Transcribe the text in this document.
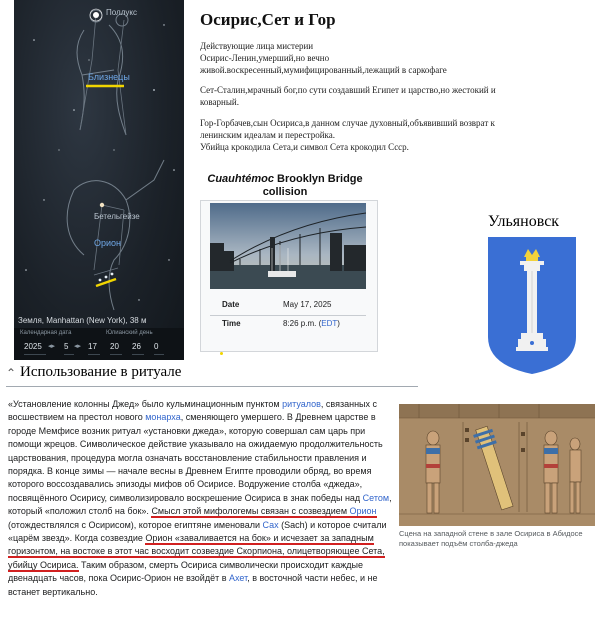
Поллукс
Близнецы
Бетельгейзе
Орион
Земля, Manhattan (New York), 38 м
Календарная дата	Юлианский день
2025 ◂▸ 5 ◂▸ 17	20	26	0
Осирис,Сет и Гор
Действующие лица мистерии
Осирис-Ленин,умерший,но вечно
живой.воскресенный,мумифицированный,лежащий в саркофаге
Сет-Сталин,мрачный бог,по сути создавший Египет и царство,но жестокий и
коварный.
Гор-Горбачев,сын Осириса,в данном случае духовный,объявивший возврат к
ленинским идеалам и перестройка.
Убийца крокодила Сета,и символ Сета крокодил Ссср.
Cuauhtémoc Brooklyn Bridge collision
Date	May 17, 2025
Time	8:26 p.m. (EDT)
Ульяновск
⌃ Использование в ритуале
«Установление колонны Джед» было кульминационным пунктом ритуалов, связанных с восшествием на престол нового монарха, сменяющего умершего. В Древнем царстве в городе Мемфисе возник ритуал «установки джеда», которую совершал сам царь при помощи жрецов. Символическое действие указывало на ожидаемую продолжительность царствования, процедура могла означать восстановление стабильности правления и порядка. В конце зимы — начале весны в Древнем Египте проводили обряд, во время которого воссоздавались эпизоды мифов об Осирисе. Водружение столба «джеда», посвящённого Осирису, символизировало воскрешение Осириса в знак победы над Сетом, который «положил столб на бок». Смысл этой мифологемы связан с созвездием Орион (отождествлялся с Осирисом), которое египтяне именовали Сах (Sach) и которое считали «царём звезд». Когда созвездие Орион «заваливается на бок» и исчезает за западным горизонтом, на востоке в этот час восходит созвездие Скорпиона, олицетворяющее Сета, убийцу Осириса. Таким образом, смерть Осириса символически происходит каждые двенадцать часов, пока Осирис-Орион не взойдёт в Ахет, в восточной части небес, и не встанет вертикально.
Сцена на западной стене в зале Осириса в Абидосе показывает подъём столба-джеда
